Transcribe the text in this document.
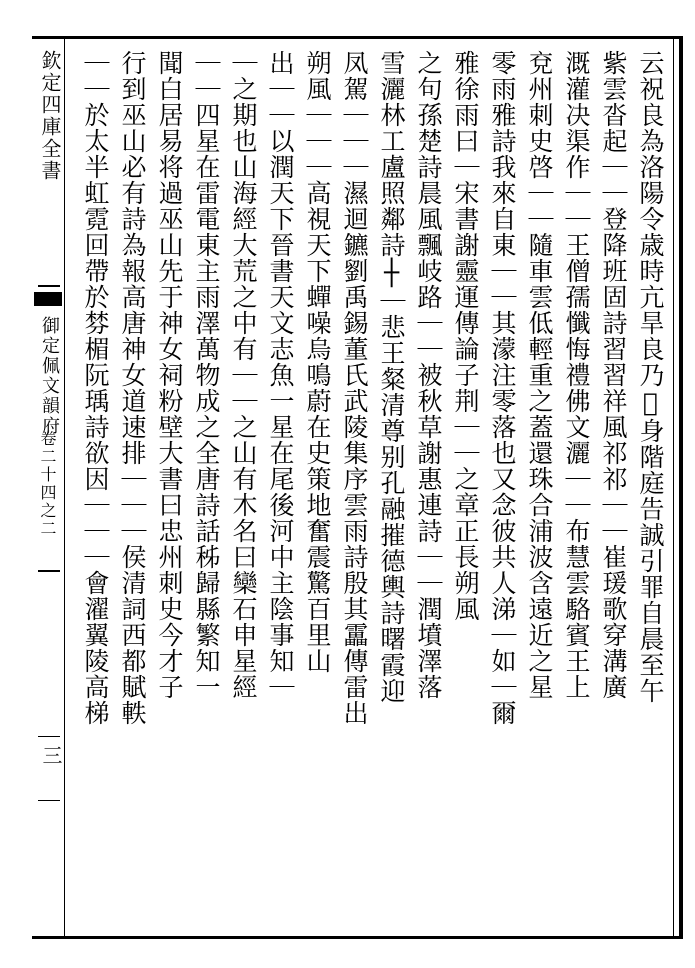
欽定四庫全書
御定佩文韻府
卷二十四之二
三
云祝良為洛陽令歳時亢旱良乃𣊓身階庭告誠引罪自晨至午
紫雲沓起｜｜登降班固詩習習祥風祁祁｜｜崔瑗歌穿溝廣
溉灌决渠作｜｜王僧孺懺悔禮佛文灑｜｜布慧雲駱賓王上
兗州刺史啓｜｜隨車雲低輕重之蓋還珠合浦波含遠近之星
零雨雅詩我來自東｜｜其濛注零落也又念彼共人涕｜如｜爾
雅徐雨曰｜宋書謝靈運傳論子荆｜｜之章正長朔風
之句孫楚詩晨風飄岐路｜｜被秋草謝惠連詩｜｜潤墳澤落
雪灑林工盧照鄰詩┼｜悲王粲清尊别孔融摧德輿詩曙霞迎
凤駕｜｜｜濕迴鑣劉禹錫董氏武陵集序雲雨詩殷其靁傳雷出
朔風｜｜｜高視天下蟬噪烏鳴蔚在史策地奮震驚百里山
出｜｜以潤天下晉書天文志魚一星在尾後河中主陰事知｜
｜之期也山海經大荒之中有｜｜之山有木名曰欒石申星經
｜｜四星在雷電東主雨澤萬物成之全唐詩話秭歸縣繁知一
聞白居易将過巫山先于神女祠粉壁大書曰忠州刺史今才子
行到巫山必有詩為報高唐神女道速排｜｜｜侯清詞西都賦軼
｜｜於太半虹霓回帶於棼楣阮瑀詩欲因｜｜｜會濯翼陵高梯
